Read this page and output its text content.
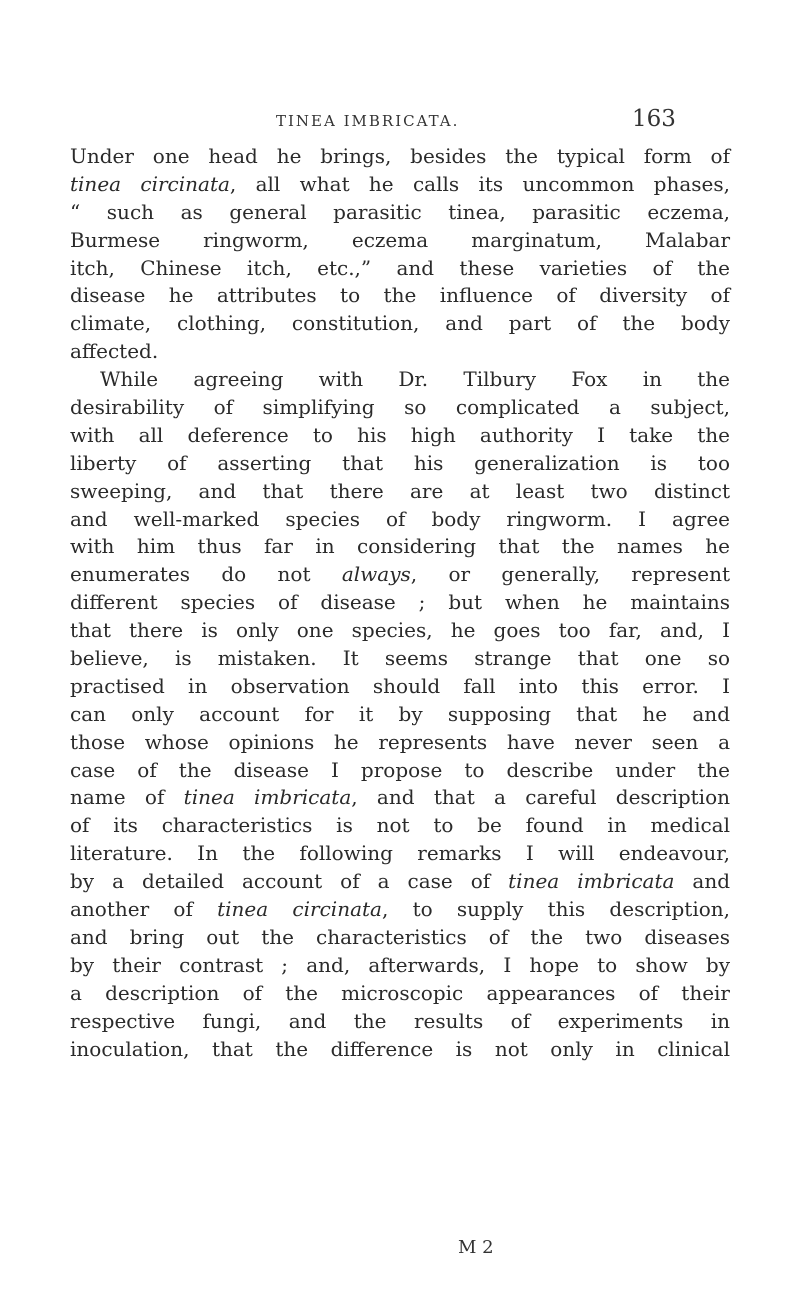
TINEA IMBRICATA.	163
Under one head he brings, besides the typical form of
tinea circinata, all what he calls its uncommon phases,
“ such as general parasitic tinea, parasitic eczema,
Burmese ringworm, eczema marginatum, Malabar
itch, Chinese itch, etc.,” and these varieties of the
disease he attributes to the influence of diversity of
climate, clothing, constitution, and part of the body
affected.
While agreeing with Dr. Tilbury Fox in the
desirability of simplifying so complicated a subject,
with all deference to his high authority I take the
liberty of asserting that his generalization is too
sweeping, and that there are at least two distinct
and well-marked species of body ringworm. I agree
with him thus far in considering that the names he
enumerates do not always, or generally, represent
different species of disease ; but when he maintains
that there is only one species, he goes too far, and, I
believe, is mistaken. It seems strange that one so
practised in observation should fall into this error. I
can only account for it by supposing that he and
those whose opinions he represents have never seen a
case of the disease I propose to describe under the
name of tinea imbricata, and that a careful description
of its characteristics is not to be found in medical
literature. In the following remarks I will endeavour,
by a detailed account of a case of tinea imbricata and
another of tinea circinata, to supply this description,
and bring out the characteristics of the two diseases
by their contrast ; and, afterwards, I hope to show by
a description of the microscopic appearances of their
respective fungi, and the results of experiments in
inoculation, that the difference is not only in clinical
M 2
